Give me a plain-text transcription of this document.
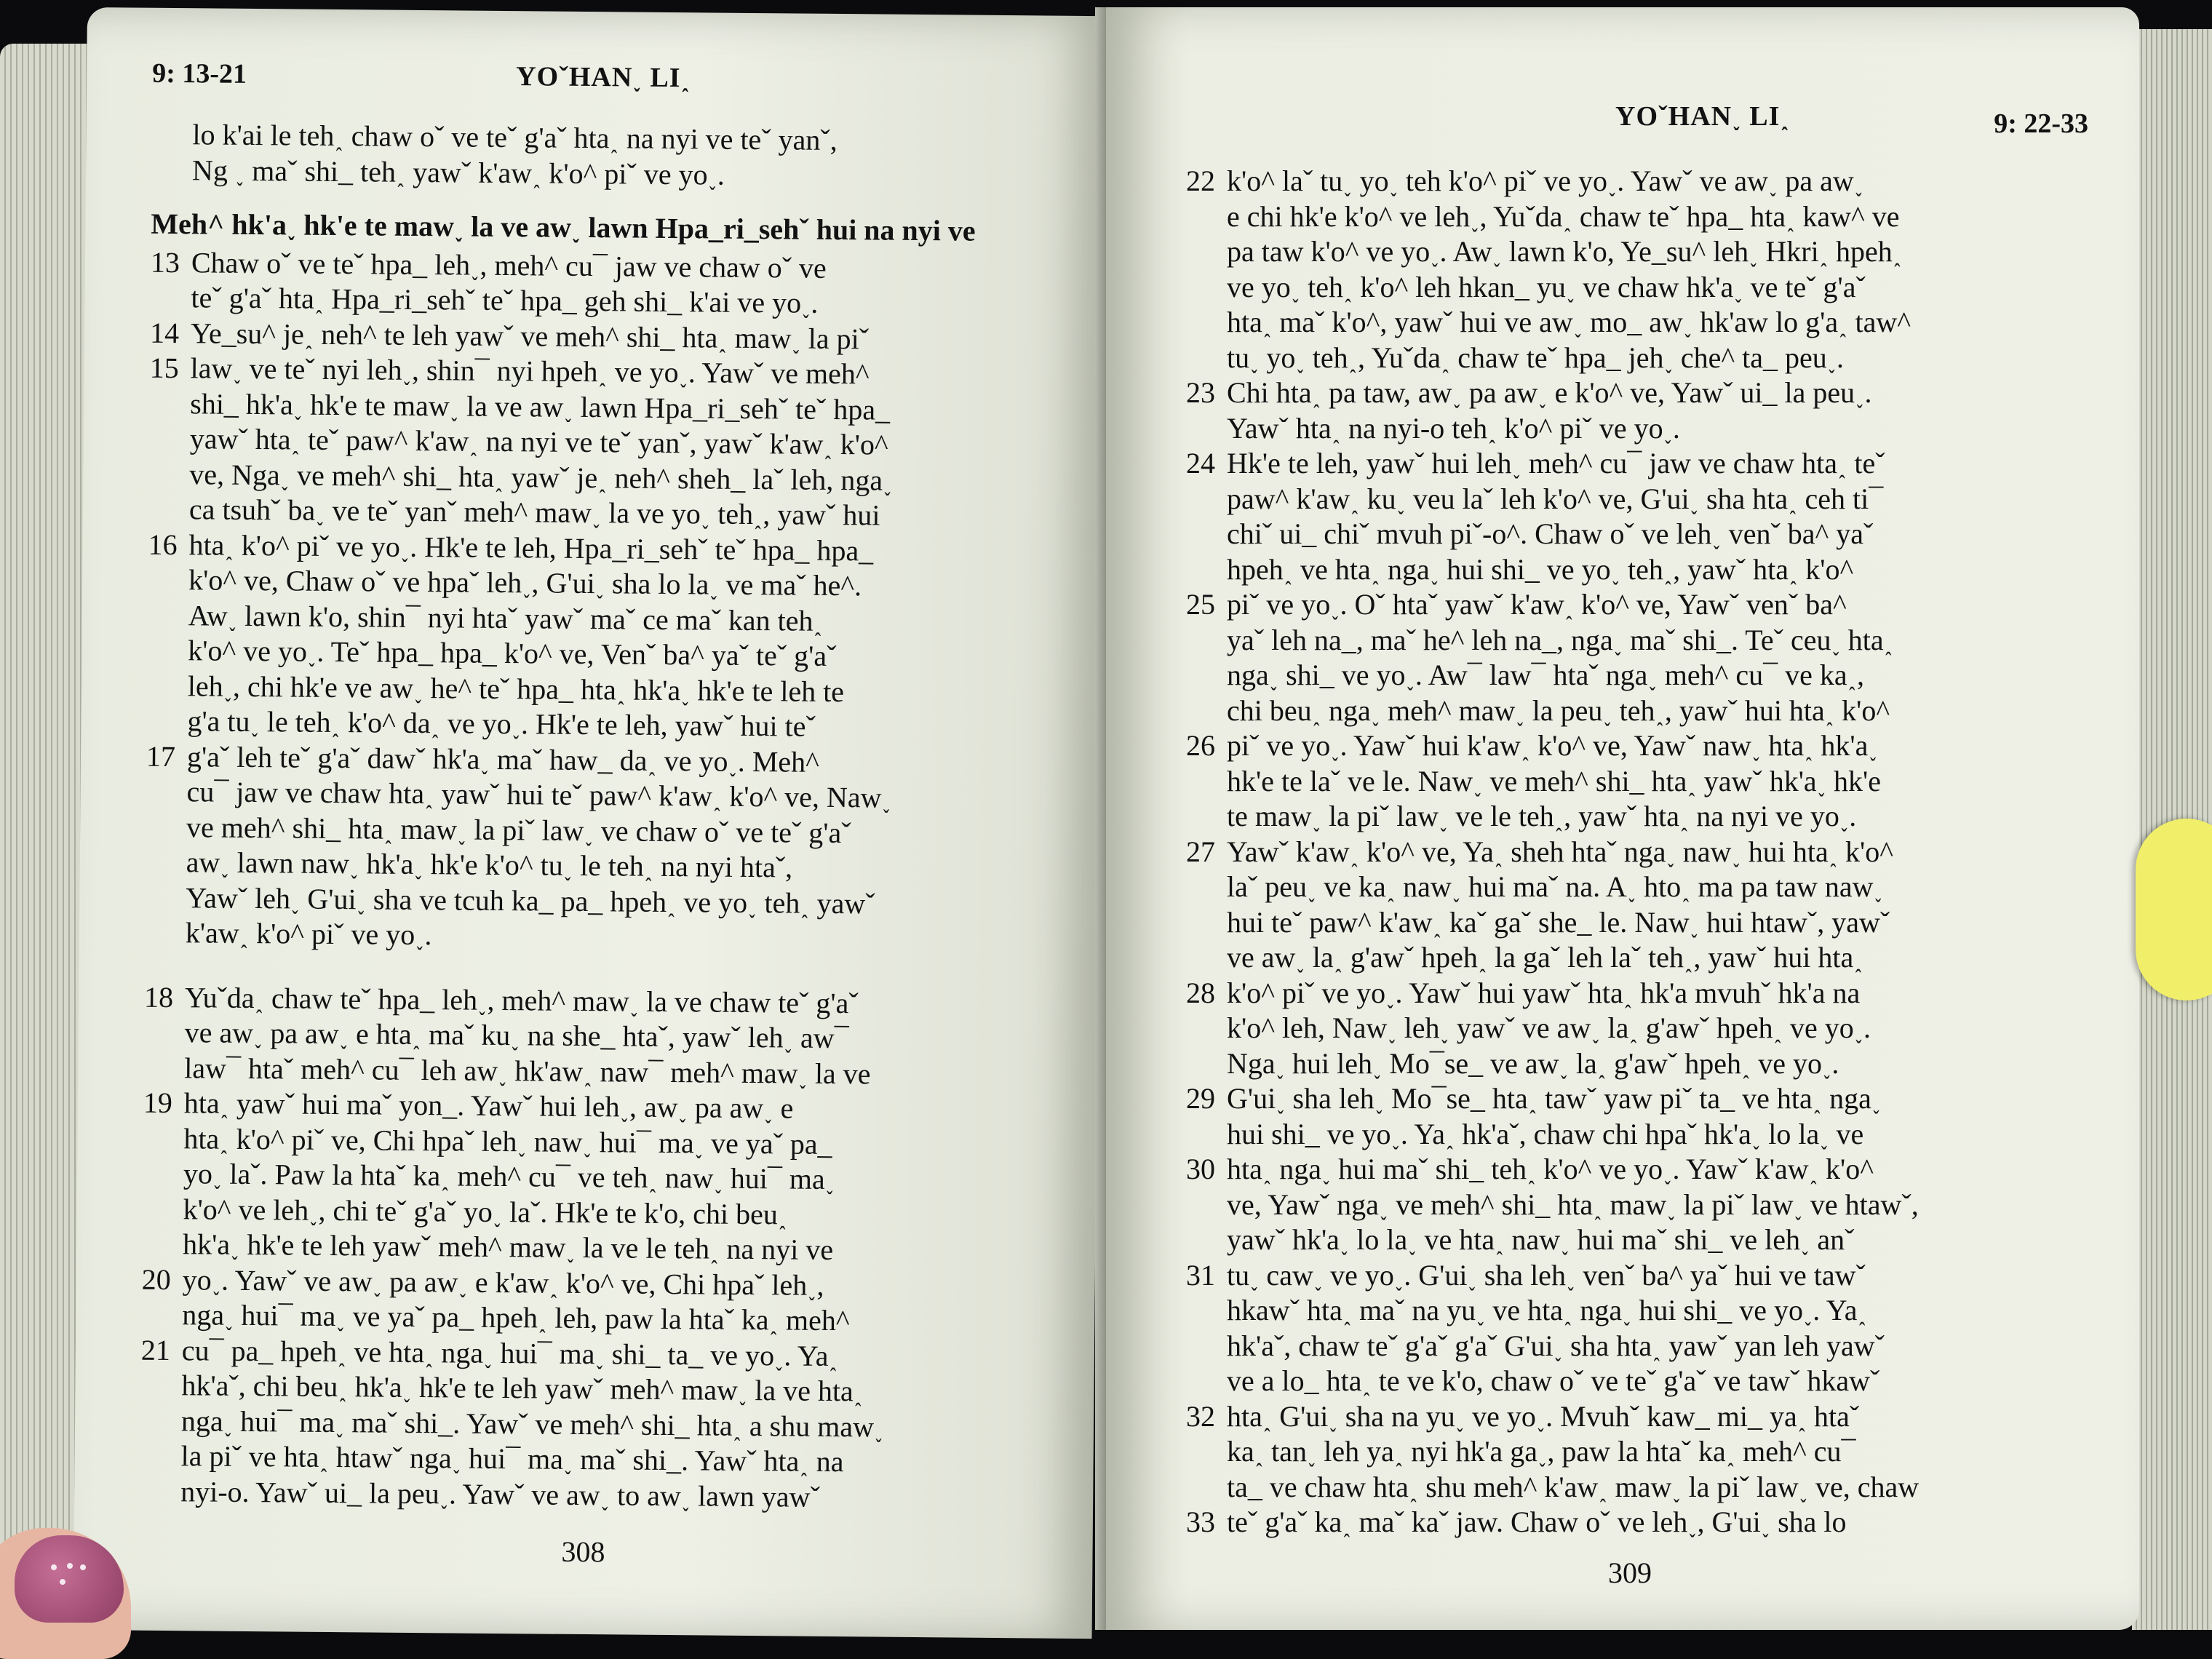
9: 13-21	YOˇHAN˯ LI˰
lo k'ai le teh˰ chaw oˇ ve teˇ g'aˇ hta˰ na nyi ve teˇ yanˇ,
Ng ˯ maˇ shi_ teh˰ yawˇ k'aw˰ k'o^ piˇ ve yo˯.
Meh^ hk'a˯ hk'e te maw˯ la ve aw˯ lawn Hpa_ri_sehˇ hui na nyi ve
13 Chaw oˇ ve teˇ hpa_ leh˯, meh^ cu¯ jaw ve chaw oˇ ve
teˇ g'aˇ hta˰ Hpa_ri_sehˇ teˇ hpa_ geh shi_ k'ai ve yo˯.
14 Ye_su^ je˰ neh^ te leh yawˇ ve meh^ shi_ hta˰ maw˯ la piˇ
15 law˯ ve teˇ nyi leh˯, shin¯ nyi hpeh˰ ve yo˯. Yawˇ ve meh^
shi_ hk'a˯ hk'e te maw˯ la ve aw˯ lawn Hpa_ri_sehˇ teˇ hpa_
yawˇ hta˰ teˇ paw^ k'aw˰ na nyi ve teˇ yanˇ, yawˇ k'aw˰ k'o^
ve, Nga˯ ve meh^ shi_ hta˰ yawˇ je˰ neh^ sheh_ laˇ leh, nga˯
ca tsuhˇ ba˯ ve teˇ yanˇ meh^ maw˯ la ve yo˯ teh˰, yawˇ hui
16 hta˰ k'o^ piˇ ve yo˯. Hk'e te leh, Hpa_ri_sehˇ teˇ hpa_ hpa_
k'o^ ve, Chaw oˇ ve hpaˇ leh˯, G'ui˯ sha lo la˯ ve maˇ he^.
Aw˯ lawn k'o, shin¯ nyi htaˇ yawˇ maˇ ce maˇ kan teh˰
k'o^ ve yo˯. Teˇ hpa_ hpa_ k'o^ ve, Venˇ ba^ yaˇ teˇ g'aˇ
leh˯, chi hk'e ve aw˯ he^ teˇ hpa_ hta˰ hk'a˯ hk'e te leh te
g'a tu˯ le teh˰ k'o^ da˰ ve yo˯. Hk'e te leh, yawˇ hui teˇ
17 g'aˇ leh teˇ g'aˇ dawˇ hk'a˯ maˇ haw_ da˰ ve yo˯. Meh^
cu¯ jaw ve chaw hta˰ yawˇ hui teˇ paw^ k'aw˰ k'o^ ve, Naw˯
ve meh^ shi_ hta˰ maw˯ la piˇ law˯ ve chaw oˇ ve teˇ g'aˇ
aw˯ lawn naw˯ hk'a˯ hk'e k'o^ tu˯ le teh˰ na nyi htaˇ,
Yawˇ leh˯ G'ui˯ sha ve tcuh ka_ pa_ hpeh˰ ve yo˯ teh˰ yawˇ
k'aw˰ k'o^ piˇ ve yo˯.
18 Yuˇda˰ chaw teˇ hpa_ leh˯, meh^ maw˯ la ve chaw teˇ g'aˇ
ve aw˯ pa aw˯ e hta˰ maˇ ku˯ na she_ htaˇ, yawˇ leh˯ aw¯
law¯ htaˇ meh^ cu¯ leh aw˯ hk'aw˰ naw¯ meh^ maw˯ la ve
19 hta˰ yawˇ hui maˇ yon_. Yawˇ hui leh˯, aw˯ pa aw˯ e
hta˰ k'o^ piˇ ve, Chi hpaˇ leh˯ naw˯ hui¯ ma˯ ve yaˇ pa_
yo˯ laˇ. Paw la htaˇ ka˰ meh^ cu¯ ve teh˰ naw˯ hui¯ ma˯
k'o^ ve leh˯, chi teˇ g'aˇ yo˯ laˇ. Hk'e te k'o, chi beu˰
hk'a˯ hk'e te leh yawˇ meh^ maw˯ la ve le teh˰ na nyi ve
20 yo˯. Yawˇ ve aw˯ pa aw˯ e k'aw˰ k'o^ ve, Chi hpaˇ leh˯,
nga˯ hui¯ ma˯ ve yaˇ pa_ hpeh˰ leh, paw la htaˇ ka˰ meh^
21 cu¯ pa_ hpeh˰ ve hta˰ nga˯ hui¯ ma˯ shi_ ta_ ve yo˯. Ya˰
hk'aˇ, chi beu˰ hk'a˯ hk'e te leh yawˇ meh^ maw˯ la ve hta˰
nga˯ hui¯ ma˯ maˇ shi_. Yawˇ ve meh^ shi_ hta˰ a shu maw˯
la piˇ ve hta˰ htawˇ nga˯ hui¯ ma˯ maˇ shi_. Yawˇ hta˰ na
nyi-o. Yawˇ ui_ la peu˯. Yawˇ ve aw˯ to aw˯ lawn yawˇ
308
YOˇHAN˯ LI˰	9: 22-33
22 k'o^ laˇ tu˯ yo˯ teh k'o^ piˇ ve yo˯. Yawˇ ve aw˯ pa aw˯
e chi hk'e k'o^ ve leh˯, Yuˇda˰ chaw teˇ hpa_ hta˰ kaw^ ve
pa taw k'o^ ve yo˯. Aw˯ lawn k'o, Ye_su^ leh˯ Hkri˰ hpeh˰
ve yo˯ teh˰ k'o^ leh hkan_ yu˯ ve chaw hk'a˯ ve teˇ g'aˇ
hta˰ maˇ k'o^, yawˇ hui ve aw˯ mo_ aw˯ hk'aw lo g'a˰ taw^
tu˯ yo˯ teh˰, Yuˇda˰ chaw teˇ hpa_ jeh˯ che^ ta_ peu˯.
23 Chi hta˰ pa taw, aw˯ pa aw˯ e k'o^ ve, Yawˇ ui_ la peu˯.
Yawˇ hta˰ na nyi-o teh˰ k'o^ piˇ ve yo˯.
24 Hk'e te leh, yawˇ hui leh˯ meh^ cu¯ jaw ve chaw hta˰ teˇ
paw^ k'aw˰ ku˯ veu laˇ leh k'o^ ve, G'ui˯ sha hta˰ ceh ti¯
chiˇ ui_ chiˇ mvuh piˇ-o^. Chaw oˇ ve leh˯ venˇ ba^ yaˇ
hpeh˰ ve hta˰ nga˯ hui shi_ ve yo˯ teh˰, yawˇ hta˰ k'o^
25 piˇ ve yo˯. Oˇ htaˇ yawˇ k'aw˰ k'o^ ve, Yawˇ venˇ ba^
yaˇ leh na_, maˇ he^ leh na_, nga˯ maˇ shi_. Teˇ ceu˯ hta˰
nga˯ shi_ ve yo˯. Aw¯ law¯ htaˇ nga˯ meh^ cu¯ ve ka˰,
chi beu˰ nga˯ meh^ maw˯ la peu˯ teh˰, yawˇ hui hta˰ k'o^
26 piˇ ve yo˯. Yawˇ hui k'aw˰ k'o^ ve, Yawˇ naw˯ hta˰ hk'a˯
hk'e te laˇ ve le. Naw˯ ve meh^ shi_ hta˰ yawˇ hk'a˯ hk'e
te maw˯ la piˇ law˯ ve le teh˰, yawˇ hta˰ na nyi ve yo˯.
27 Yawˇ k'aw˰ k'o^ ve, Ya˰ sheh htaˇ nga˯ naw˯ hui hta˰ k'o^
laˇ peu˯ ve ka˰ naw˯ hui maˇ na. A˯ hto˰ ma pa taw naw˯
hui teˇ paw^ k'aw˰ kaˇ gaˇ she_ le. Naw˯ hui htawˇ, yawˇ
ve aw˯ la˰ g'awˇ hpeh˰ la gaˇ leh laˇ teh˰, yawˇ hui hta˰
28 k'o^ piˇ ve yo˯. Yawˇ hui yawˇ hta˰ hk'a mvuhˇ hk'a na
k'o^ leh, Naw˯ leh˯ yawˇ ve aw˯ la˰ g'awˇ hpeh˰ ve yo˯.
Nga˯ hui leh˯ Mo¯se_ ve aw˯ la˰ g'awˇ hpeh˰ ve yo˯.
29 G'ui˯ sha leh˯ Mo¯se_ hta˰ tawˇ yaw piˇ ta_ ve hta˰ nga˯
hui shi_ ve yo˯. Ya˰ hk'aˇ, chaw chi hpaˇ hk'a˯ lo la˯ ve
30 hta˰ nga˯ hui maˇ shi_ teh˰ k'o^ ve yo˯. Yawˇ k'aw˰ k'o^
ve, Yawˇ nga˯ ve meh^ shi_ hta˰ maw˯ la piˇ law˯ ve htawˇ,
yawˇ hk'a˯ lo la˯ ve hta˰ naw˯ hui maˇ shi_ ve leh˯ anˇ
31 tu˯ caw˯ ve yo˯. G'ui˯ sha leh˯ venˇ ba^ yaˇ hui ve tawˇ
hkawˇ hta˰ maˇ na yu˯ ve hta˰ nga˯ hui shi_ ve yo˯. Ya˰
hk'aˇ, chaw teˇ g'aˇ g'aˇ G'ui˯ sha hta˰ yawˇ yan leh yawˇ
ve a lo_ hta˰ te ve k'o, chaw oˇ ve teˇ g'aˇ ve tawˇ hkawˇ
32 hta˰ G'ui˯ sha na yu˯ ve yo˯. Mvuhˇ kaw_ mi_ ya˰ htaˇ
ka˰ tan˯ leh ya˰ nyi hk'a ga˯, paw la htaˇ ka˰ meh^ cu¯
ta_ ve chaw hta˰ shu meh^ k'aw˰ maw˯ la piˇ law˯ ve, chaw
33 teˇ g'aˇ ka˰ maˇ kaˇ jaw. Chaw oˇ ve leh˯, G'ui˯ sha lo
309
